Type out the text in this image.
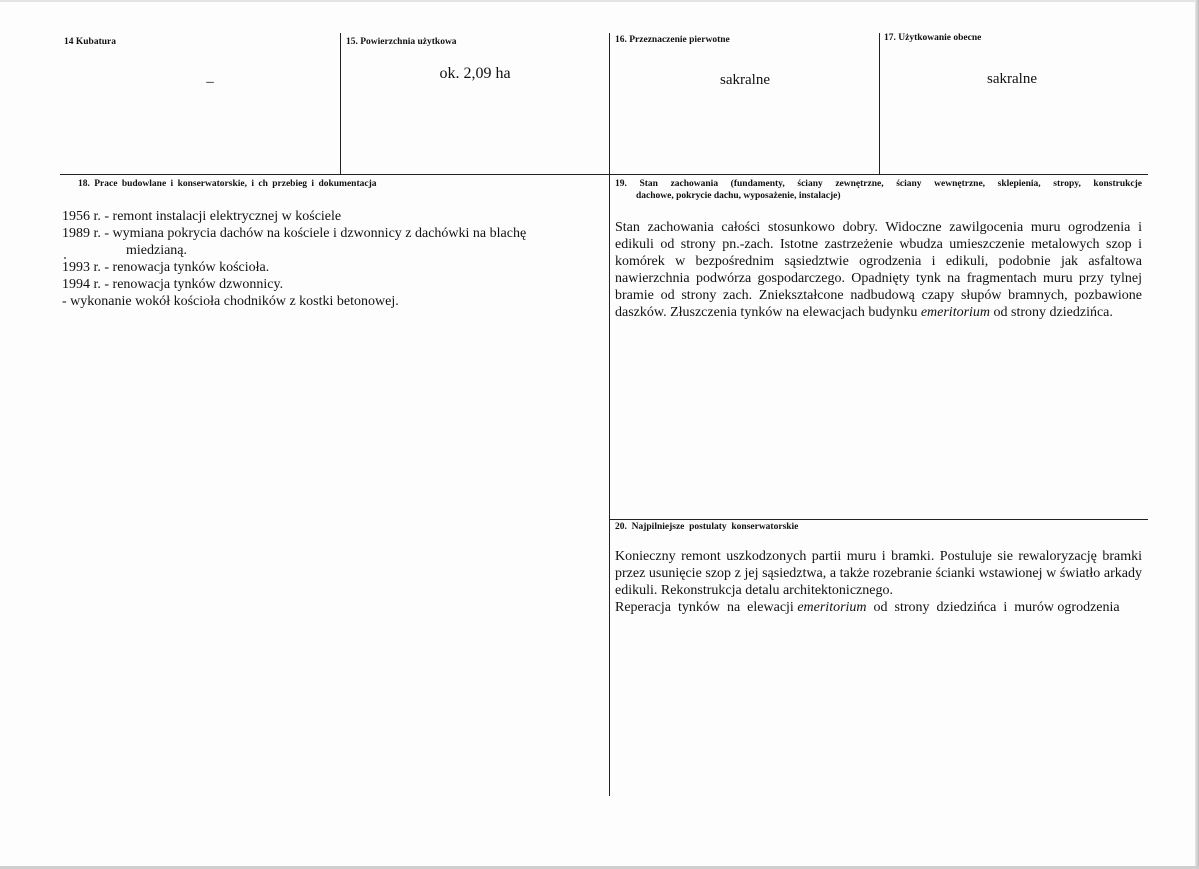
14 Kubatura
–
15. Powierzchnia użytkowa
ok. 2,09 ha
16. Przeznaczenie pierwotne
sakralne
17. Użytkowanie obecne
sakralne
18. Prace budowlane i konserwatorskie, i ch przebieg i dokumentacja

1956 r. - remont instalacji elektrycznej w kościele

1989 r. - wymiana pokrycia dachów na kościele i dzwonnicy z dachówki na blachę

miedzianą.

1993 r. - renowacja tynków kościoła.

1994 r. - renowacja tynków dzwonnicy.

- wykonanie wokół kościoła chodników z kostki betonowej.

19. Stan zachowania (fundamenty, ściany zewnętrzne, ściany wewnętrzne, sklepienia, stropy, konstrukcje
dachowe, pokrycie dachu, wyposażenie, instalacje)
Stan zachowania całości stosunkowo dobry. Widoczne zawilgocenia muru ogrodzenia i edikuli od strony pn.-zach. Istotne zastrzeżenie wbudza umieszczenie metalowych szop i komórek w bezpośrednim sąsiedztwie ogrodzenia i edikuli, podobnie jak asfaltowa nawierzchnia podwórza gospodarczego. Opadnięty tynk na fragmentach muru przy tylnej bramie od strony zach. Zniekształcone nadbudową czapy słupów bramnych, pozbawione daszków. Złuszczenia tynków na elewacjach budynku emeritorium od strony dziedzińca.
20.  Najpilniejsze  postulaty  konserwatorskie

Konieczny remont uszkodzonych partii muru i bramki. Postuluje sie rewaloryzację bramki przez usunięcie szop z jej sąsiedztwa, a także rozebranie ścianki wstawionej w światło arkady edikuli. Rekonstrukcja detalu architektonicznego.

Reperacja  tynków  na  elewacji emeritorium  od  strony  dziedzińca  i  murów ogrodzenia
